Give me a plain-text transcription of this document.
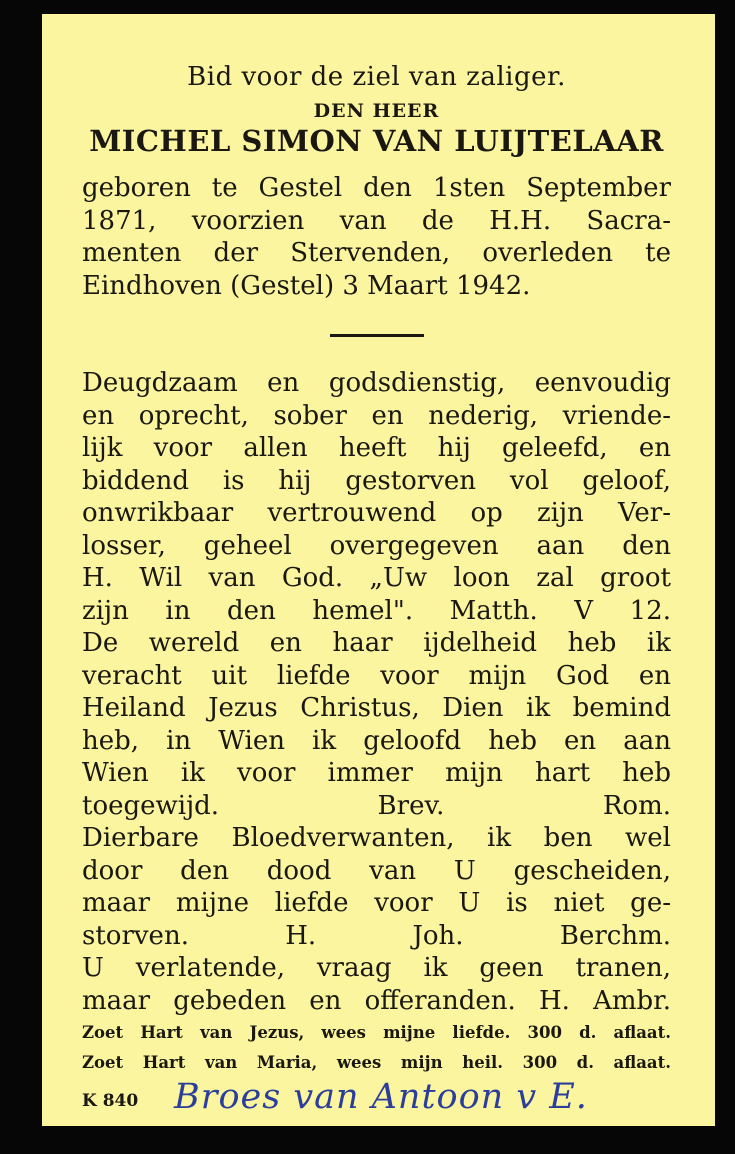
Bid voor de ziel van zaliger.
DEN HEER
MICHEL SIMON VAN LUIJTELAAR
geboren te Gestel den 1sten September
1871, voorzien van de H.H. Sacra-
menten der Stervenden, overleden te
Eindhoven (Gestel) 3 Maart 1942.
Deugdzaam en godsdienstig, eenvoudig
en oprecht, sober en nederig, vriende-
lijk voor allen heeft hij geleefd, en
biddend is hij gestorven vol geloof,
onwrikbaar vertrouwend op zijn Ver-
losser, geheel overgegeven aan den
H. Wil van God. „Uw loon zal groot
zijn in den hemel". Matth. V 12.
De wereld en haar ijdelheid heb ik
veracht uit liefde voor mijn God en
Heiland Jezus Christus, Dien ik bemind
heb, in Wien ik geloofd heb en aan
Wien ik voor immer mijn hart heb
toegewijd. Brev. Rom.
Dierbare Bloedverwanten, ik ben wel
door den dood van U gescheiden,
maar mijne liefde voor U is niet ge-
storven. H. Joh. Berchm.
U verlatende, vraag ik geen tranen,
maar gebeden en offeranden. H. Ambr.
Zoet Hart van Jezus, wees mijne liefde. 300 d. aflaat.
Zoet Hart van Maria, wees mijn heil. 300 d. aflaat.
K 840 Broes van Antoon v E.
